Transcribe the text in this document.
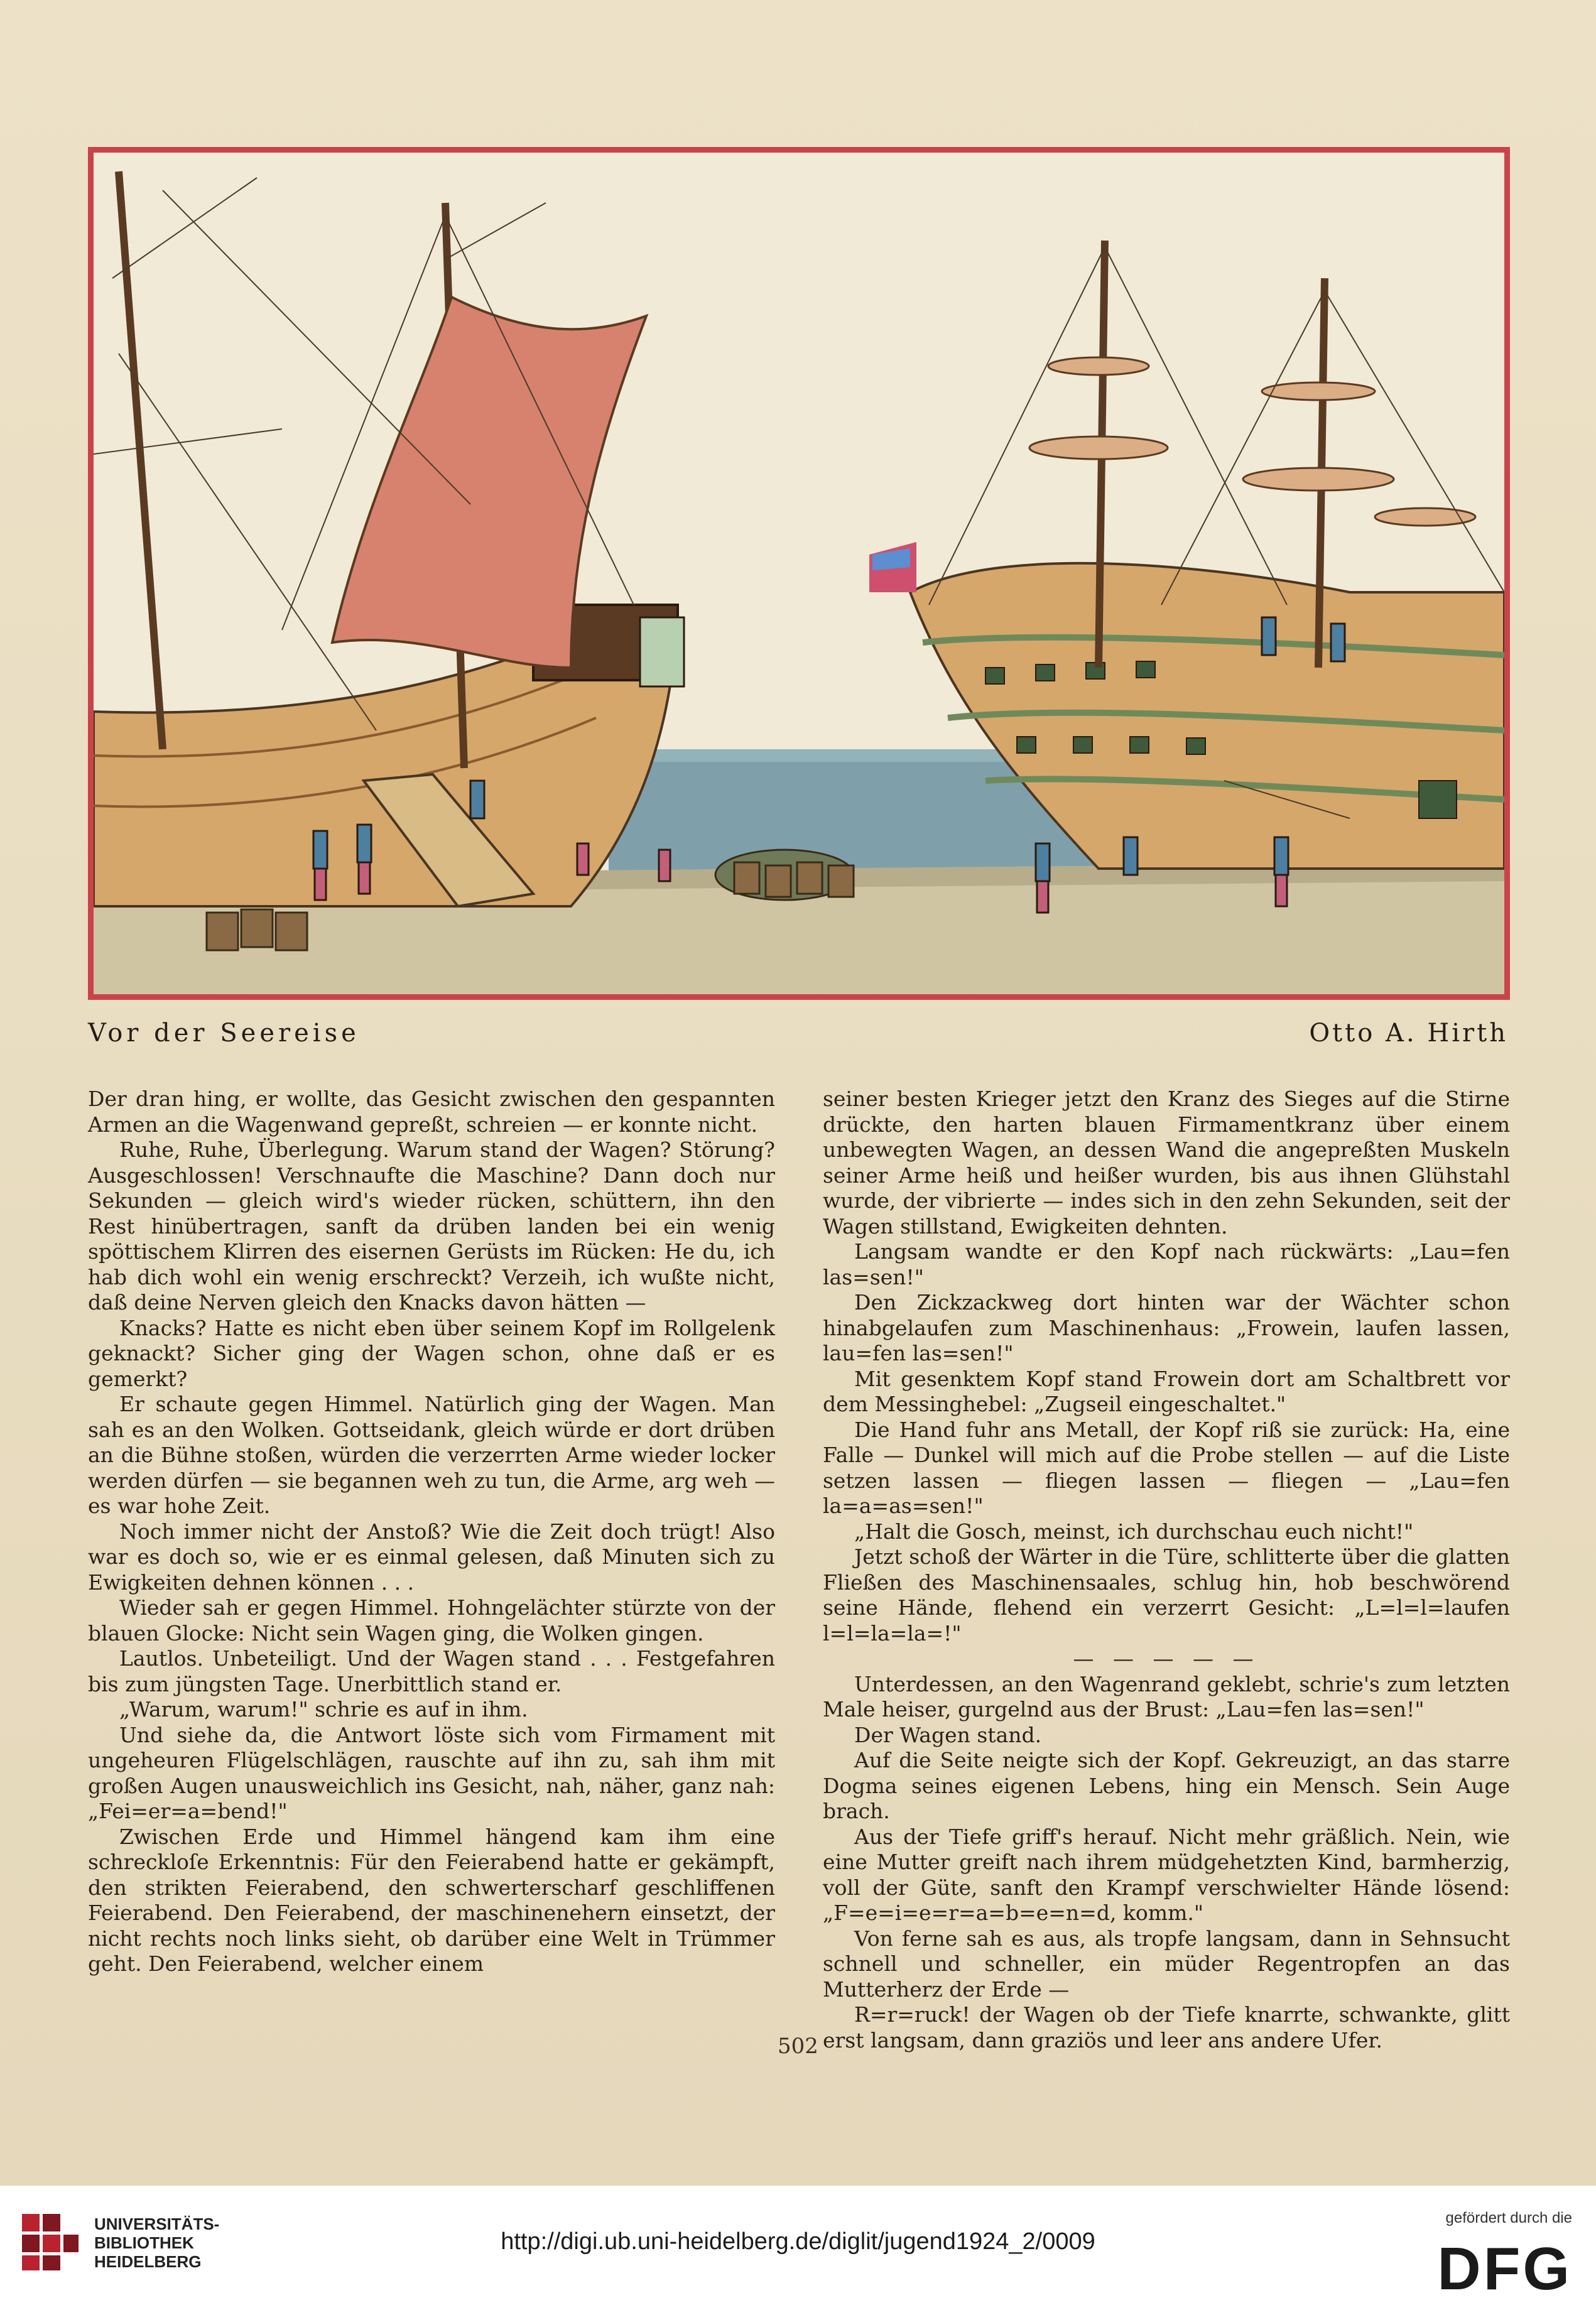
Vor der Seereise	Otto A. Hirth

Der dran hing, er wollte, das Gesicht zwischen den gespannten Armen an die Wagenwand gepreßt, schreien — er konnte nicht.

Ruhe, Ruhe, Überlegung. Warum stand der Wagen? Störung? Ausgeschlossen! Verschnaufte die Maschine? Dann doch nur Sekunden — gleich wird's wieder rücken, schüttern, ihn den Rest hinübertragen, sanft da drüben landen bei ein wenig spöttischem Klirren des eisernen Gerüsts im Rücken: He du, ich hab dich wohl ein wenig erschreckt? Verzeih, ich wußte nicht, daß deine Nerven gleich den Knacks davon hätten —

Knacks? Hatte es nicht eben über seinem Kopf im Rollgelenk geknackt? Sicher ging der Wagen schon, ohne daß er es gemerkt?

Er schaute gegen Himmel. Natürlich ging der Wagen. Man sah es an den Wolken. Gottseidank, gleich würde er dort drüben an die Bühne stoßen, würden die verzerrten Arme wieder locker werden dürfen — sie begannen weh zu tun, die Arme, arg weh — es war hohe Zeit.

Noch immer nicht der Anstoß? Wie die Zeit doch trügt! Also war es doch so, wie er es einmal gelesen, daß Minuten sich zu Ewigkeiten dehnen können . . .

Wieder sah er gegen Himmel. Hohngelächter stürzte von der blauen Glocke: Nicht sein Wagen ging, die Wolken gingen.

Lautlos. Unbeteiligt. Und der Wagen stand . . . Festgefahren bis zum jüngsten Tage. Unerbittlich stand er.

„Warum, warum!" schrie es auf in ihm.

Und siehe da, die Antwort löste sich vom Firmament mit ungeheuren Flügelschlägen, rauschte auf ihn zu, sah ihm mit großen Augen unausweichlich ins Gesicht, nah, näher, ganz nah: „Fei=er=a=bend!"

Zwischen Erde und Himmel hängend kam ihm eine schreckloſe Erkenntnis: Für den Feierabend hatte er gekämpft, den strikten Feierabend, den schwerterscharf geschliffenen Feierabend. Den Feierabend, der maschinenehern einsetzt, der nicht rechts noch links sieht, ob darüber eine Welt in Trümmer geht. Den Feierabend, welcher einem

seiner besten Krieger jetzt den Kranz des Sieges auf die Stirne drückte, den harten blauen Firmamentkranz über einem unbewegten Wagen, an dessen Wand die angepreßten Muskeln seiner Arme heiß und heißer wurden, bis aus ihnen Glühstahl wurde, der vibrierte — indes sich in den zehn Sekunden, seit der Wagen stillstand, Ewigkeiten dehnten.

Langsam wandte er den Kopf nach rückwärts: „Lau=fen las=sen!"

Den Zickzackweg dort hinten war der Wächter schon hinabgelaufen zum Maschinenhaus: „Frowein, laufen lassen, lau=fen las=sen!"

Mit gesenktem Kopf stand Frowein dort am Schaltbrett vor dem Messinghebel: „Zugseil eingeschaltet."

Die Hand fuhr ans Metall, der Kopf riß sie zurück: Ha, eine Falle — Dunkel will mich auf die Probe stellen — auf die Liste setzen lassen — fliegen lassen — fliegen — „Lau=fen la=a=as=sen!"

„Halt die Gosch, meinst, ich durchschau euch nicht!"

Jetzt schoß der Wärter in die Türe, schlitterte über die glatten Fließen des Maschinensaales, schlug hin, hob beschwörend seine Hände, flehend ein verzerrt Gesicht: „L=l=l=laufen l=l=la=la=!"

— — — — —

Unterdessen, an den Wagenrand geklebt, schrie's zum letzten Male heiser, gurgelnd aus der Brust: „Lau=fen las=sen!"

Der Wagen stand.

Auf die Seite neigte sich der Kopf. Gekreuzigt, an das starre Dogma seines eigenen Lebens, hing ein Mensch. Sein Auge brach.

Aus der Tiefe griff's herauf. Nicht mehr gräßlich. Nein, wie eine Mutter greift nach ihrem müdgehetzten Kind, barmherzig, voll der Güte, sanft den Krampf verschwielter Hände lösend: „F=e=i=e=r=a=b=e=n=d, komm."

Von ferne sah es aus, als tropfe langsam, dann in Sehnsucht schnell und schneller, ein müder Regentropfen an das Mutterherz der Erde —

R=r=ruck! der Wagen ob der Tiefe knarrte, schwankte, glitt erst langsam, dann graziös und leer ans andere Ufer.

502
UNIVERSITÄTS-
BIBLIOTHEK
HEIDELBERG
http://digi.ub.uni-heidelberg.de/diglit/jugend1924_2/0009
gefördert durch die
DFG
